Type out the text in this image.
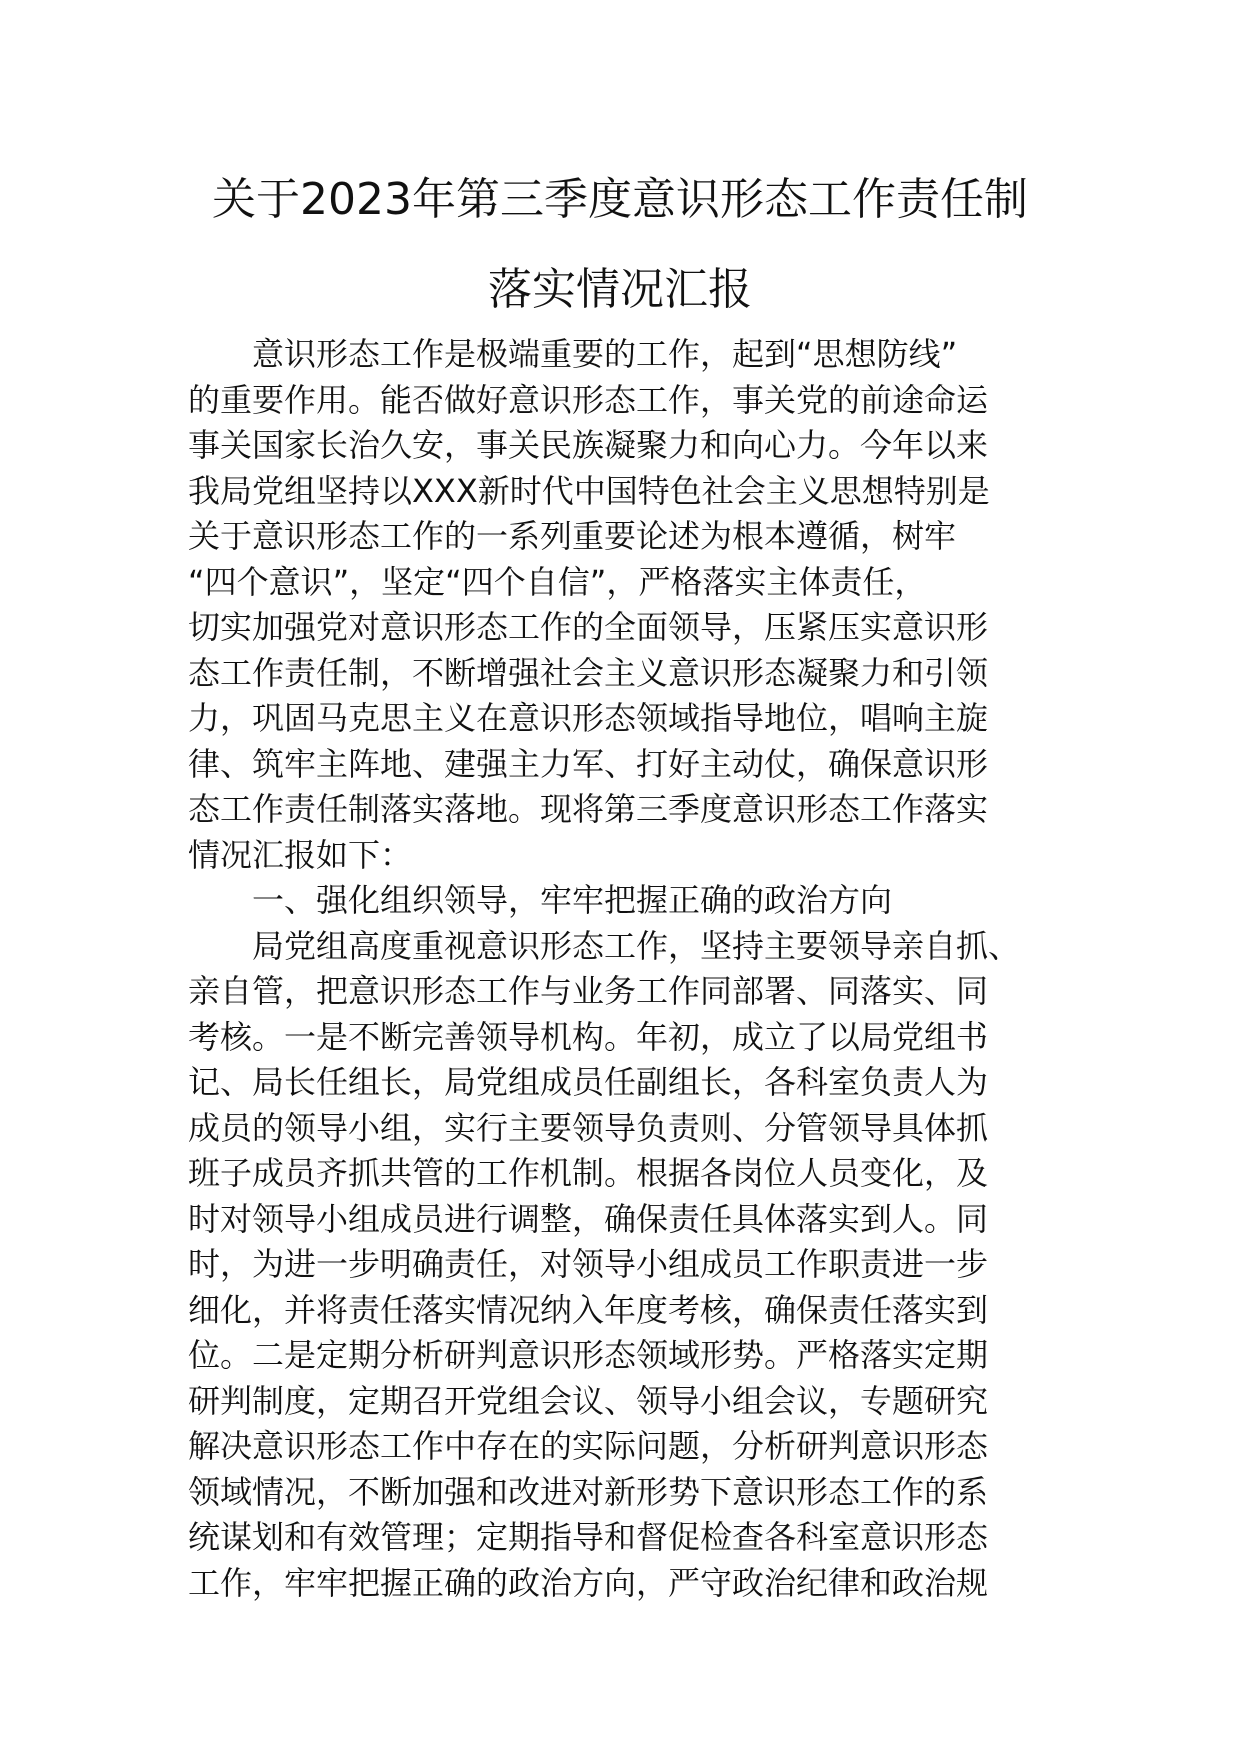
关于2023年第三季度意识形态工作责任制
落实情况汇报
意识形态工作是极端重要的工作，起到“思想防线”
的重要作用。能否做好意识形态工作，事关党的前途命运
事关国家长治久安，事关民族凝聚力和向心力。今年以来
我局党组坚持以XXX新时代中国特色社会主义思想特别是
关于意识形态工作的一系列重要论述为根本遵循，树牢
“四个意识”，坚定“四个自信”，严格落实主体责任，
切实加强党对意识形态工作的全面领导，压紧压实意识形
态工作责任制，不断增强社会主义意识形态凝聚力和引领
力，巩固马克思主义在意识形态领域指导地位，唱响主旋
律、筑牢主阵地、建强主力军、打好主动仗，确保意识形
态工作责任制落实落地。现将第三季度意识形态工作落实
情况汇报如下：
一、强化组织领导，牢牢把握正确的政治方向
局党组高度重视意识形态工作，坚持主要领导亲自抓、
亲自管，把意识形态工作与业务工作同部署、同落实、同
考核。一是不断完善领导机构。年初，成立了以局党组书
记、局长任组长，局党组成员任副组长，各科室负责人为
成员的领导小组，实行主要领导负责则、分管领导具体抓
班子成员齐抓共管的工作机制。根据各岗位人员变化，及
时对领导小组成员进行调整，确保责任具体落实到人。同
时，为进一步明确责任，对领导小组成员工作职责进一步
细化，并将责任落实情况纳入年度考核，确保责任落实到
位。二是定期分析研判意识形态领域形势。严格落实定期
研判制度，定期召开党组会议、领导小组会议，专题研究
解决意识形态工作中存在的实际问题，分析研判意识形态
领域情况，不断加强和改进对新形势下意识形态工作的系
统谋划和有效管理；定期指导和督促检查各科室意识形态
工作，牢牢把握正确的政治方向，严守政治纪律和政治规
